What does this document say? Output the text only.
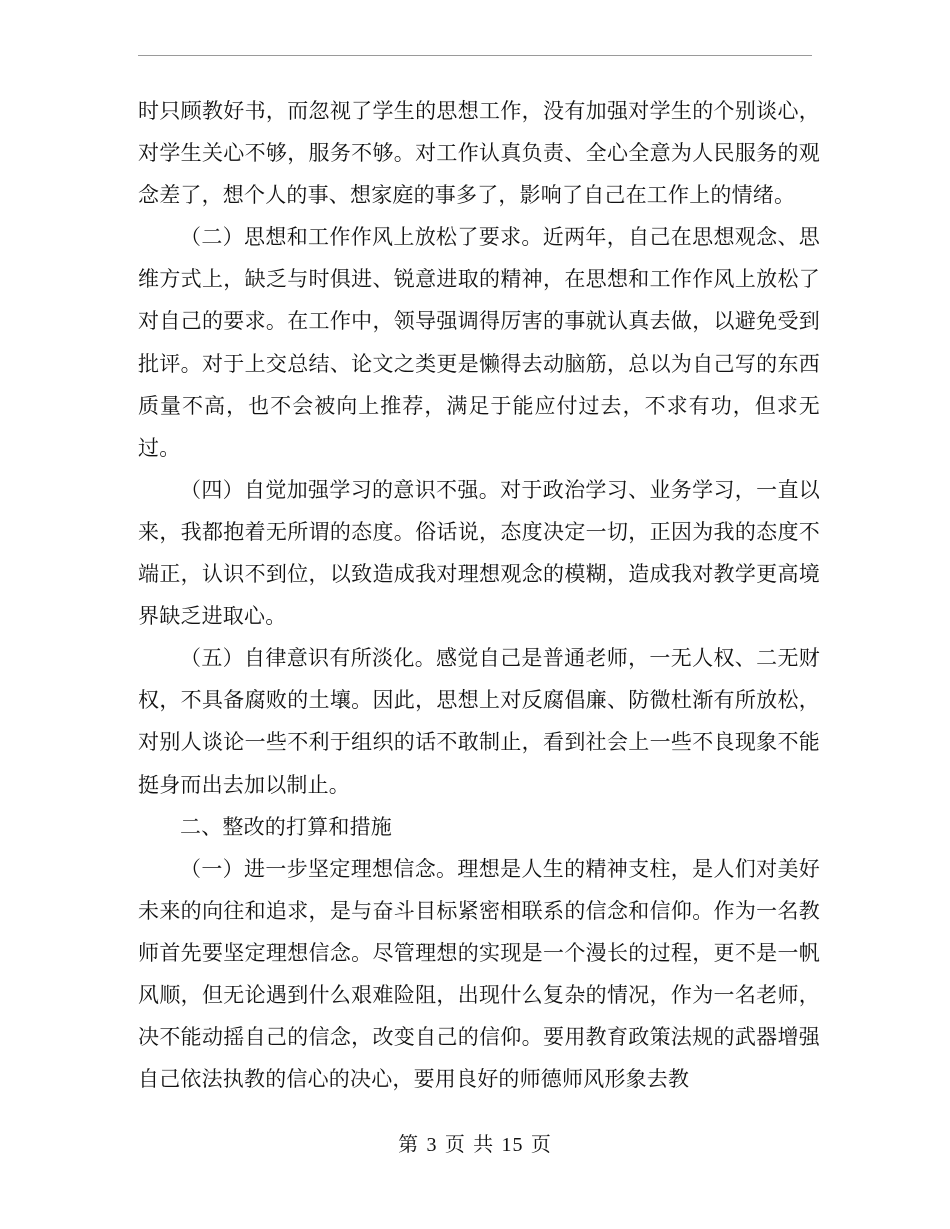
时只顾教好书，而忽视了学生的思想工作，没有加强对学生的个别谈心，对学生关心不够，服务不够。对工作认真负责、全心全意为人民服务的观念差了，想个人的事、想家庭的事多了，影响了自己在工作上的情绪。

（二）思想和工作作风上放松了要求。近两年，自己在思想观念、思维方式上，缺乏与时俱进、锐意进取的精神，在思想和工作作风上放松了对自己的要求。在工作中，领导强调得厉害的事就认真去做，以避免受到批评。对于上交总结、论文之类更是懒得去动脑筋，总以为自己写的东西质量不高，也不会被向上推荐，满足于能应付过去，不求有功，但求无过。

（四）自觉加强学习的意识不强。对于政治学习、业务学习，一直以来，我都抱着无所谓的态度。俗话说，态度决定一切，正因为我的态度不端正，认识不到位，以致造成我对理想观念的模糊，造成我对教学更高境界缺乏进取心。

（五）自律意识有所淡化。感觉自己是普通老师，一无人权、二无财权，不具备腐败的土壤。因此，思想上对反腐倡廉、防微杜渐有所放松，对别人谈论一些不利于组织的话不敢制止，看到社会上一些不良现象不能挺身而出去加以制止。

二、整改的打算和措施

（一）进一步坚定理想信念。理想是人生的精神支柱，是人们对美好未来的向往和追求，是与奋斗目标紧密相联系的信念和信仰。作为一名教师首先要坚定理想信念。尽管理想的实现是一个漫长的过程，更不是一帆风顺，但无论遇到什么艰难险阻，出现什么复杂的情况，作为一名老师，决不能动摇自己的信念，改变自己的信仰。要用教育政策法规的武器增强自己依法执教的信心的决心，要用良好的师德师风形象去教

第 3 页 共 15 页
